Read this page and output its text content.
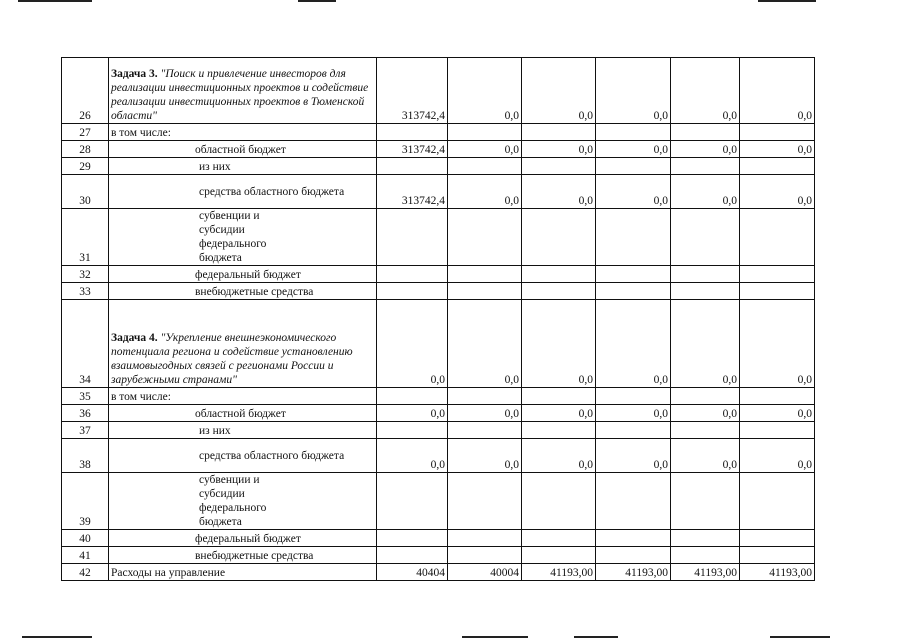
26	Задача 3. "Поиск и привлечение инвесторов для реализации инвестиционных проектов и содействие реализации инвестиционных проектов в Тюменской области"	313742,4	0,0	0,0	0,0	0,0	0,0
27	в том числе:						
28	областной бюджет	313742,4	0,0	0,0	0,0	0,0	0,0
29	из них						
30	средства областного бюджета	313742,4	0,0	0,0	0,0	0,0	0,0
31	субвенции и субсидии федерального бюджета						
32	федеральный бюджет						
33	внебюджетные средства						
34	Задача 4. "Укрепление внешнеэкономического потенциала региона и содействие установлению взаимовыгодных связей с регионами России и зарубежными странами"	0,0	0,0	0,0	0,0	0,0	0,0
35	в том числе:						
36	областной бюджет	0,0	0,0	0,0	0,0	0,0	0,0
37	из них						
38	средства областного бюджета	0,0	0,0	0,0	0,0	0,0	0,0
39	субвенции и субсидии федерального бюджета						
40	федеральный бюджет						
41	внебюджетные средства						
42	Расходы на управление	40404	40004	41193,00	41193,00	41193,00	41193,00
